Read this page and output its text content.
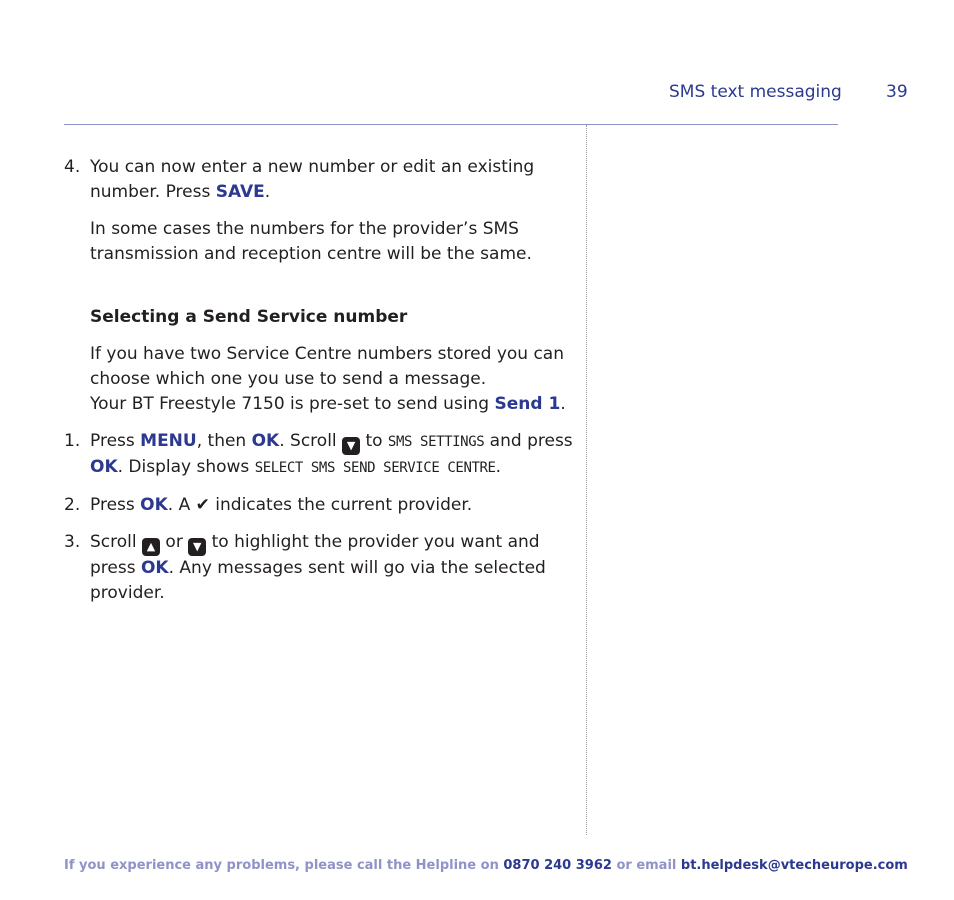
SMS text messaging	39
4. You can now enter a new number or edit an existing number. Press SAVE.
In some cases the numbers for the provider’s SMS transmission and reception centre will be the same.
Selecting a Send Service number
If you have two Service Centre numbers stored you can choose which one you use to send a message.
Your BT Freestyle 7150 is pre-set to send using Send 1.
1. Press MENU, then OK. Scroll ▼ to SMS SETTINGS and press OK. Display shows SELECT SMS SEND SERVICE CENTRE.
2. Press OK. A ✔ indicates the current provider.
3. Scroll ▲ or ▼ to highlight the provider you want and press OK. Any messages sent will go via the selected provider.
If you experience any problems, please call the Helpline on 0870 240 3962 or email bt.helpdesk@vtecheurope.com
